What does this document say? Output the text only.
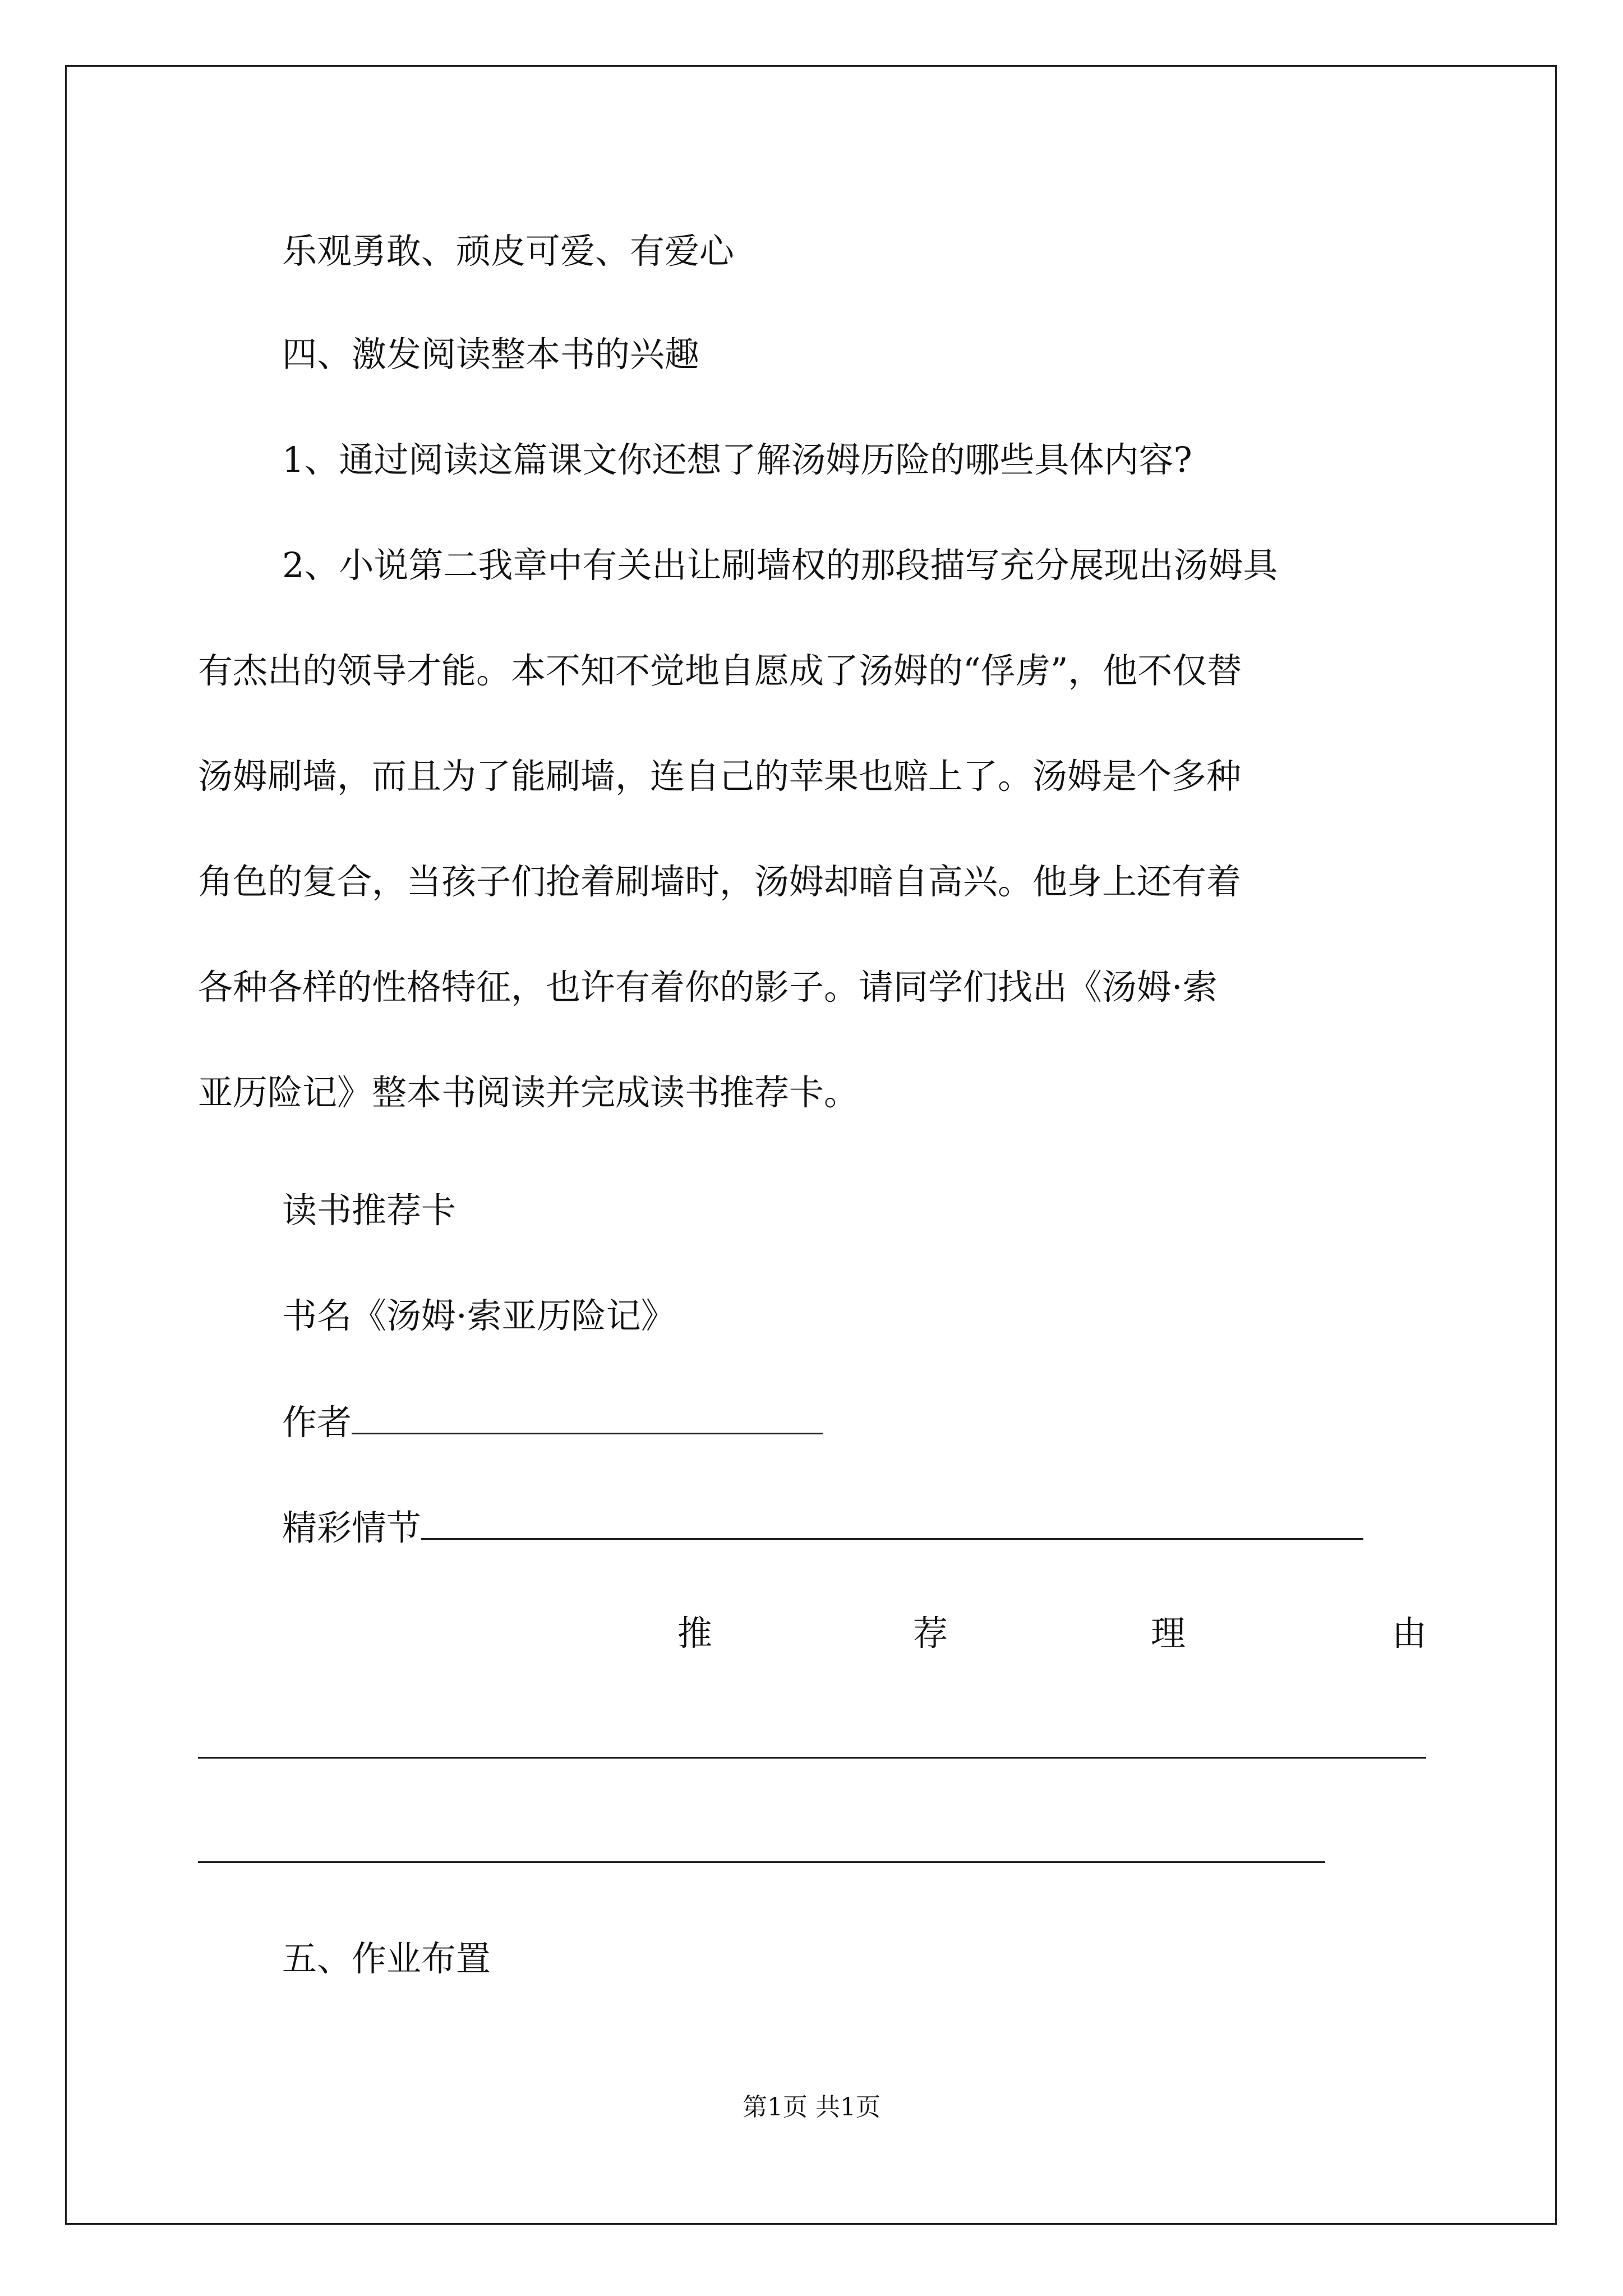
乐观勇敢、顽皮可爱、有爱心
四、激发阅读整本书的兴趣
1、通过阅读这篇课文你还想了解汤姆历险的哪些具体内容?
2、小说第二我章中有关出让刷墙权的那段描写充分展现出汤姆具
有杰出的领导才能。本不知不觉地自愿成了汤姆的“俘虏”，他不仅替
汤姆刷墙，而且为了能刷墙，连自己的苹果也赔上了。汤姆是个多种
角色的复合，当孩子们抢着刷墙时，汤姆却暗自高兴。他身上还有着
各种各样的性格特征，也许有着你的影子。请同学们找出《汤姆·索
亚历险记》整本书阅读并完成读书推荐卡。
读书推荐卡
书名《汤姆·索亚历险记》
作者
精彩情节
推	荐	理	由
五、作业布置
第1页 共1页
